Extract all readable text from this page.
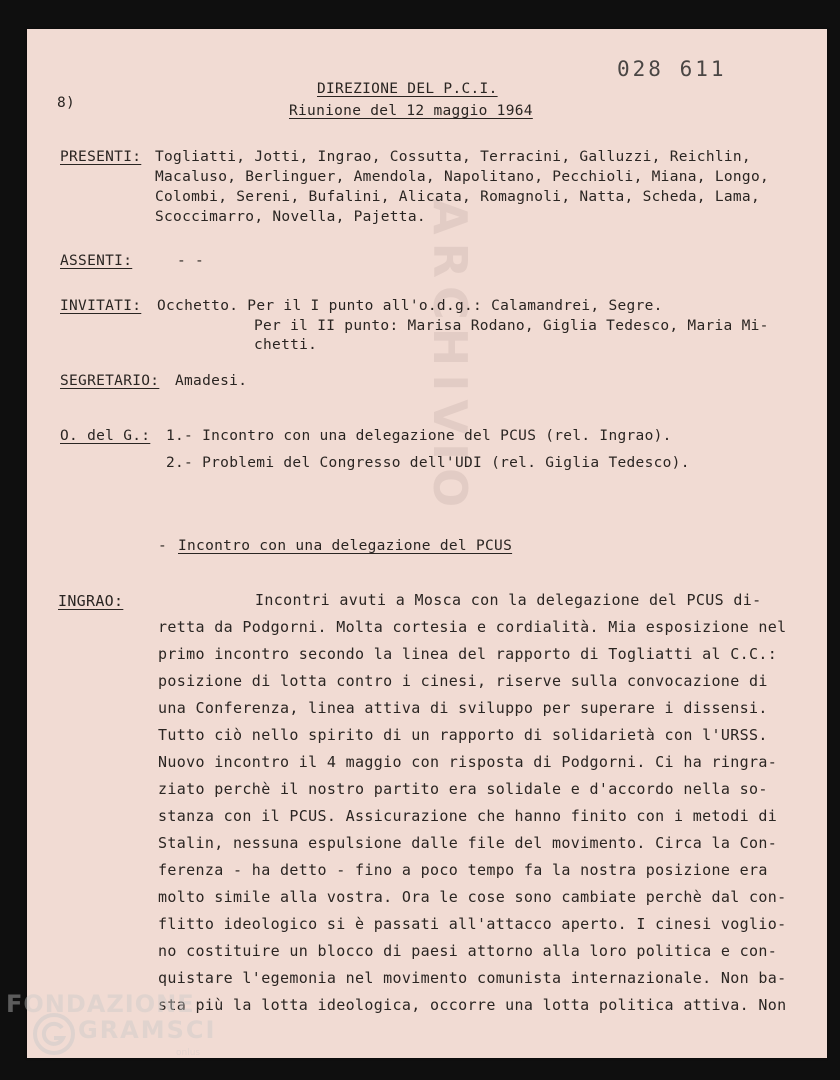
ARCHIVIO
8)
028 611
DIREZIONE DEL P.C.I.
Riunione del 12 maggio 1964
PRESENTI: Togliatti, Jotti, Ingrao, Cossutta, Terracini, Galluzzi, Reichlin,
Macaluso, Berlinguer, Amendola, Napolitano, Pecchioli, Miana, Longo,
Colombi, Sereni, Bufalini, Alicata, Romagnoli, Natta, Scheda, Lama,
Scoccimarro, Novella, Pajetta.
ASSENTI:	- -
INVITATI: Occhetto. Per il I punto all'o.d.g.: Calamandrei, Segre.
Per il II punto: Marisa Rodano, Giglia Tedesco, Maria Mi-
chetti.
SEGRETARIO: Amadesi.
O. del G.: 1.- Incontro con una delegazione del PCUS (rel. Ingrao).
2.- Problemi del Congresso dell'UDI (rel. Giglia Tedesco).
- Incontro con una delegazione del PCUS
INGRAO:	Incontri avuti a Mosca con la delegazione del PCUS di-
retta da Podgorni. Molta cortesia e cordialità. Mia esposizione nel
primo incontro secondo la linea del rapporto di Togliatti al C.C.:
posizione di lotta contro i cinesi, riserve sulla convocazione di
una Conferenza, linea attiva di sviluppo per superare i dissensi.
Tutto ciò nello spirito di un rapporto di solidarietà con l'URSS.
Nuovo incontro il 4 maggio con risposta di Podgorni. Ci ha ringra-
ziato perchè il nostro partito era solidale e d'accordo nella so-
stanza con il PCUS. Assicurazione che hanno finito con i metodi di
Stalin, nessuna espulsione dalle file del movimento. Circa la Con-
ferenza - ha detto - fino a poco tempo fa la nostra posizione era
molto simile alla vostra. Ora le cose sono cambiate perchè dal con-
flitto ideologico si è passati all'attacco aperto. I cinesi voglio-
no costituire un blocco di paesi attorno alla loro politica e con-
quistare l'egemonia nel movimento comunista internazionale. Non ba-
sta più la lotta ideologica, occorre una lotta politica attiva. Non
FONDAZIONE
GRAMSCI
onlus
